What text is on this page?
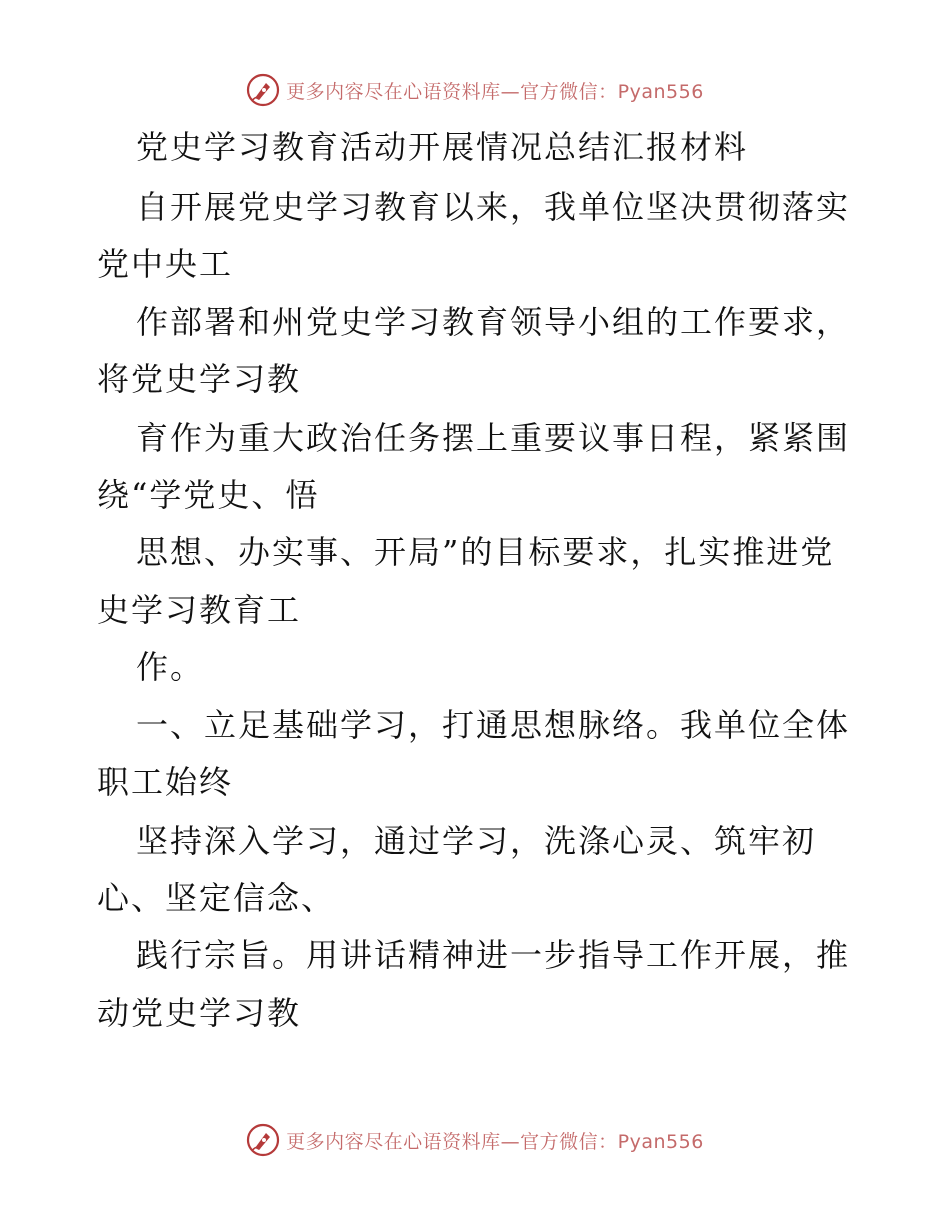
更多内容尽在心语资料库—官方微信：Pyan556
党史学习教育活动开展情况总结汇报材料
自开展党史学习教育以来，我单位坚决贯彻落实
党中央工
作部署和州党史学习教育领导小组的工作要求，
将党史学习教
育作为重大政治任务摆上重要议事日程，紧紧围
绕“学党史、悟
思想、办实事、开局”的目标要求，扎实推进党
史学习教育工
作。
一、立足基础学习，打通思想脉络。我单位全体
职工始终
坚持深入学习，通过学习，洗涤心灵、筑牢初
心、坚定信念、
践行宗旨。用讲话精神进一步指导工作开展，推
动党史学习教
更多内容尽在心语资料库—官方微信：Pyan556
